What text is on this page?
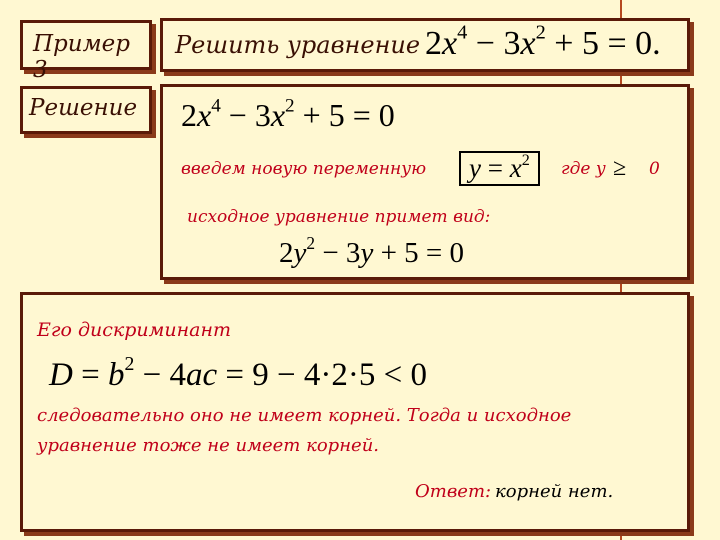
Пример 3
Решить уравнение $2x^4 - 3x^2 + 5 = 0$.
Решение $2x^4 - 3x^2 + 5 = 0$
введем новую переменную	$y = x^2$	где y ≥ 0
исходное уравнение примет вид:
$2y^2 - 3y + 5 = 0$
Его дискриминант
$D = b^2 - 4ac = 9 - 4\cdot 2\cdot 5 < 0$
следовательно оно не имеет корней. Тогда и исходное уравнение тоже не имеет корней.
Ответ: корней нет.
